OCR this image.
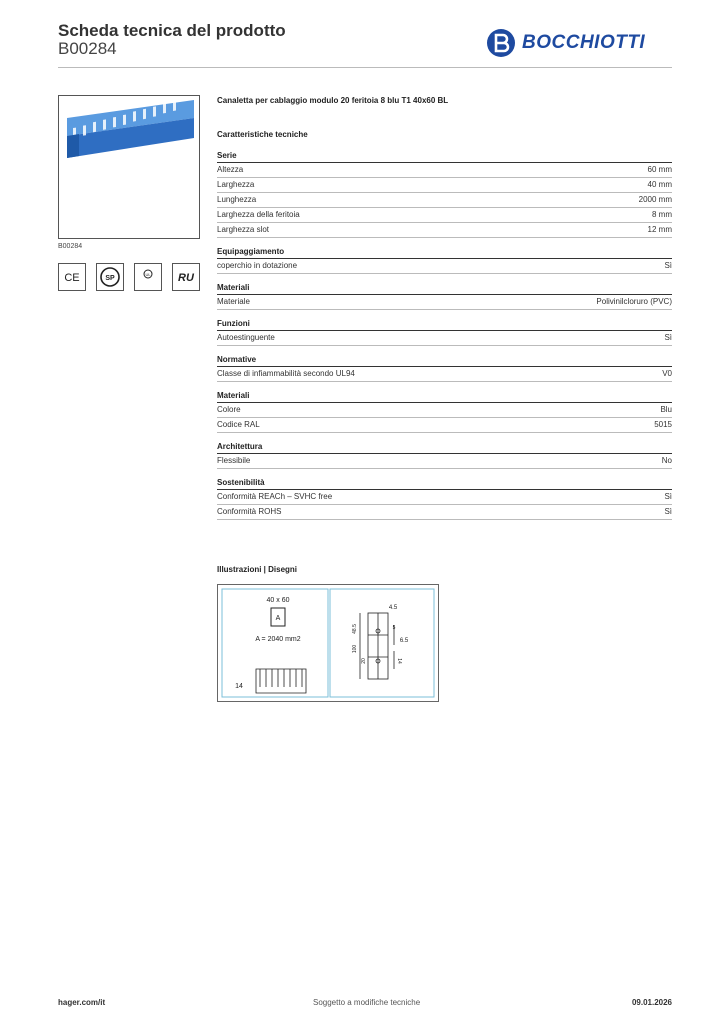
Scheda tecnica del prodotto
B00284	BOCCHIOTTI
B00284
CE	SP
UL RU
Canaletta per cablaggio modulo 20 feritoia 8 blu T1 40x60 BL
Caratteristiche tecniche
Serie
Altezza	60 mm
Larghezza	40 mm
Lunghezza	2000 mm
Larghezza della feritoia	8 mm
Larghezza slot	12 mm
Equipaggiamento
coperchio in dotazione	Sì
Materiali
Materiale	Polivinilcloruro (PVC)
Funzioni
Autoestinguente	Sì
Normative
Classe di infiammabilità secondo UL94	V0
Materiali
Colore	Blu
Codice RAL	5015
Architettura
Flessibile	No
Sostenibilità
Conformità REACh – SVHC free	Sì
Conformità ROHS	Sì
Illustrazioni | Disegni
40 x 60
A
A = 2040 mm2
14
4.5
6.5
48.5
100
20	14
5
hager.com/it	Soggetto a modifiche tecniche	09.01.2026
